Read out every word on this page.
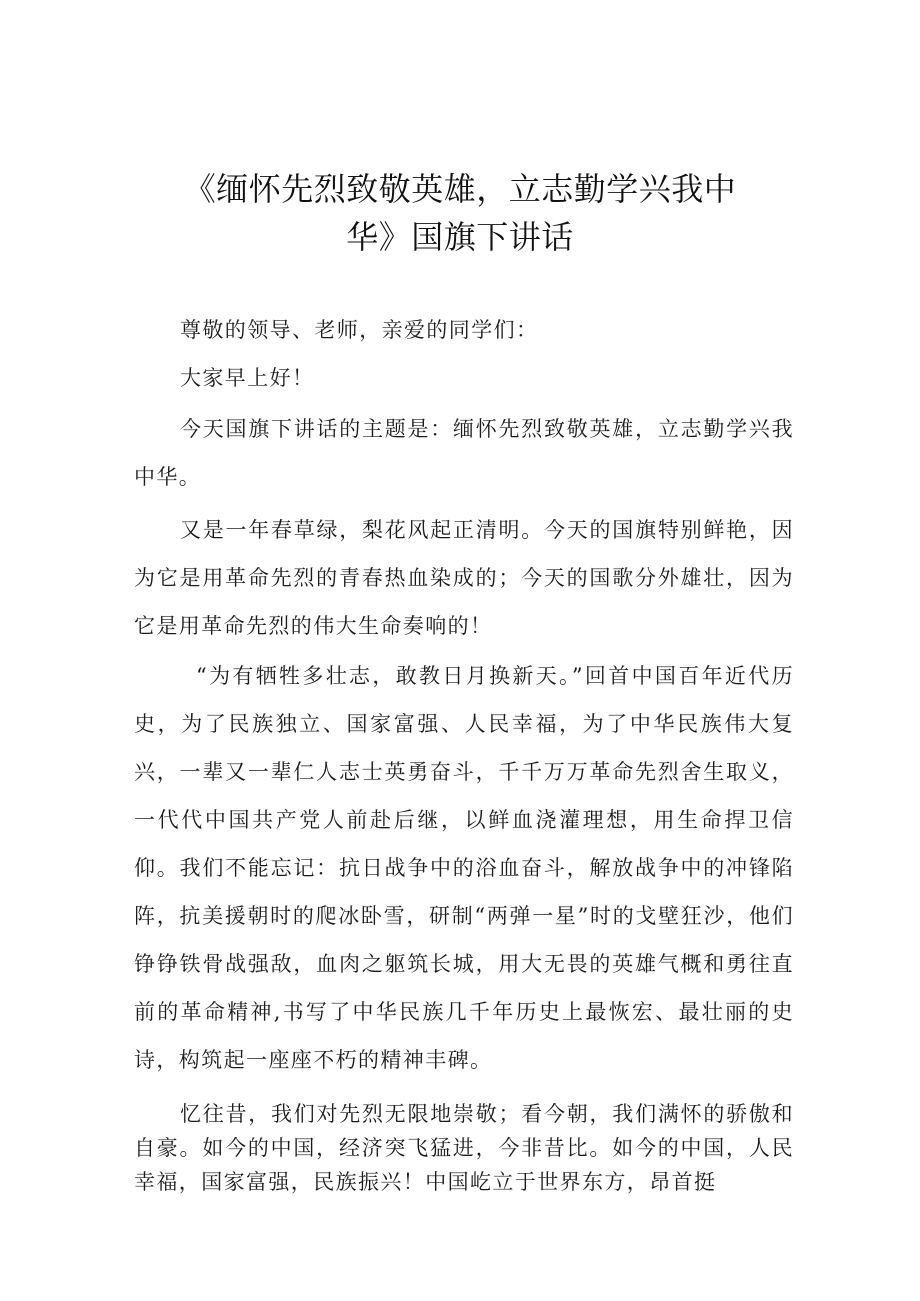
《缅怀先烈致敬英雄，立志勤学兴我中
华》国旗下讲话

尊敬的领导、老师，亲爱的同学们：

大家早上好！

今天国旗下讲话的主题是：缅怀先烈致敬英雄，立志勤学兴我中华。

又是一年春草绿，梨花风起正清明。今天的国旗特别鲜艳，因为它是用革命先烈的青春热血染成的；今天的国歌分外雄壮，因为它是用革命先烈的伟大生命奏响的！

“为有牺牲多壮志，敢教日月换新天。”回首中国百年近代历史，为了民族独立、国家富强、人民幸福，为了中华民族伟大复兴，一辈又一辈仁人志士英勇奋斗，千千万万革命先烈舍生取义，一代代中国共产党人前赴后继，以鲜血浇灌理想，用生命捍卫信仰。我们不能忘记：抗日战争中的浴血奋斗，解放战争中的冲锋陷阵，抗美援朝时的爬冰卧雪，研制“两弹一星”时的戈壁狂沙，他们铮铮铁骨战强敌，血肉之躯筑长城，用大无畏的英雄气概和勇往直前的革命精神,书写了中华民族几千年历史上最恢宏、最壮丽的史诗，构筑起一座座不朽的精神丰碑。

忆往昔，我们对先烈无限地崇敬；看今朝，我们满怀的骄傲和自豪。如今的中国，经济突飞猛进，今非昔比。如今的中国，人民幸福，国家富强，民族振兴！中国屹立于世界东方，昂首挺
